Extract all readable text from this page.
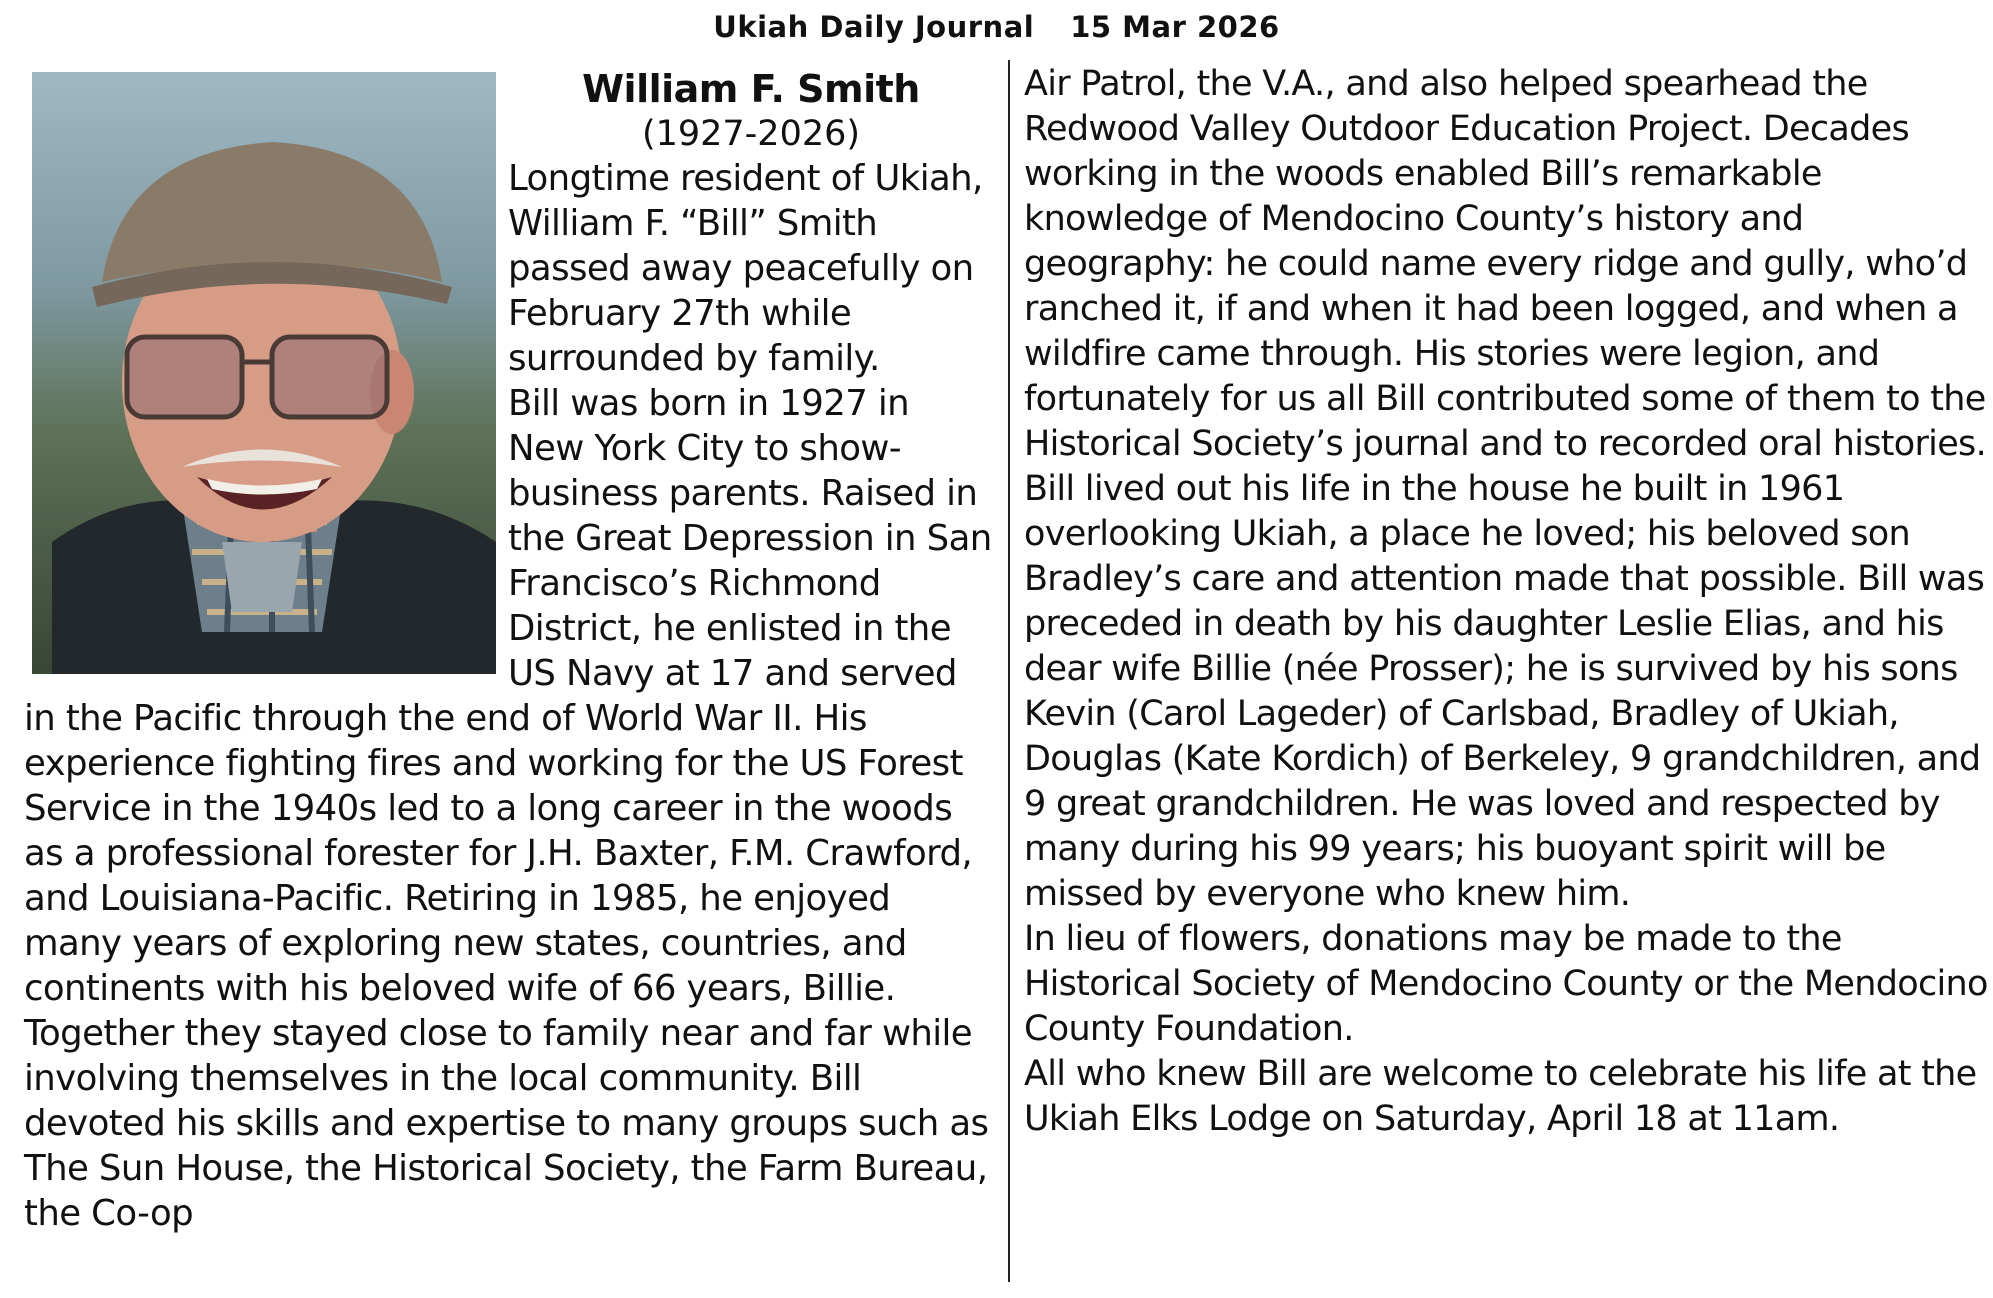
Ukiah Daily Journal 15 Mar 2026

William F. Smith

(1927-2026)

Longtime resident of Ukiah, William F. “Bill” Smith passed away peacefully on February 27th while surrounded by family.

Bill was born in 1927 in New York City to show-business parents. Raised in the Great Depression in San Francisco’s Richmond District, he enlisted in the US Navy at 17 and served in the Pacific through the end of World War II. His experience fighting fires and working for the US Forest Service in the 1940s led to a long career in the woods as a professional forester for J.H. Baxter, F.M. Crawford, and Louisiana-Pacific. Retiring in 1985, he enjoyed many years of exploring new states, countries, and continents with his beloved wife of 66 years, Billie. Together they stayed close to family near and far while involving themselves in the local community. Bill devoted his skills and expertise to many groups such as The Sun House, the Historical Society, the Farm Bureau, the Co-op

Air Patrol, the V.A., and also helped spearhead the Redwood Valley Outdoor Education Project. Decades working in the woods enabled Bill’s remarkable knowledge of Mendocino County’s history and geography: he could name every ridge and gully, who’d ranched it, if and when it had been logged, and when a wildfire came through. His stories were legion, and fortunately for us all Bill contributed some of them to the Historical Society’s journal and to recorded oral histories.

Bill lived out his life in the house he built in 1961 overlooking Ukiah, a place he loved; his beloved son Bradley’s care and attention made that possible. Bill was preceded in death by his daughter Leslie Elias, and his dear wife Billie (née Prosser); he is survived by his sons Kevin (Carol Lageder) of Carlsbad, Bradley of Ukiah, Douglas (Kate Kordich) of Berkeley, 9 grandchildren, and 9 great grandchildren. He was loved and respected by many during his 99 years; his buoyant spirit will be missed by everyone who knew him.

In lieu of flowers, donations may be made to the Historical Society of Mendocino County or the Mendocino County Foundation.

All who knew Bill are welcome to celebrate his life at the Ukiah Elks Lodge on Saturday, April 18 at 11am.
